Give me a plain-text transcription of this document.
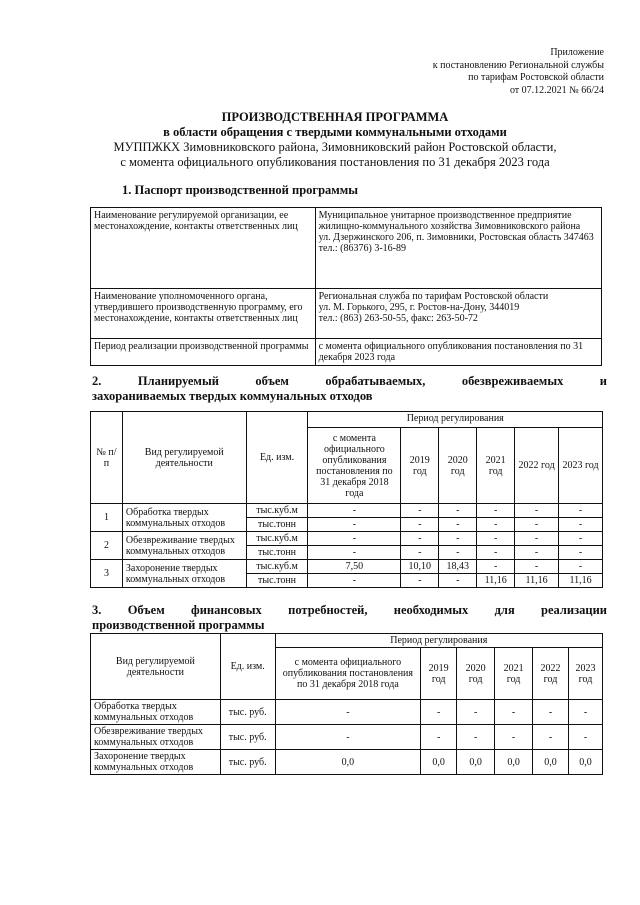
Приложение
к постановлению Региональной службы
по тарифам Ростовской области
от 07.12.2021 № 66/24
ПРОИЗВОДСТВЕННАЯ ПРОГРАММА
в области обращения с твердыми коммунальными отходами
МУППЖКХ Зимовниковского района, Зимовниковский район Ростовской области,
с момента официального опубликования постановления по 31 декабря 2023 года
1. Паспорт производственной программы
Наименование регулируемой организации, ее местонахождение, контакты ответственных лиц	Муниципальное унитарное производственное предприятие жилищно-коммунального хозяйства Зимовниковского района
ул. Дзержинского 206, п. Зимовники, Ростовская область 347463
тел.: (86376) 3-16-89

Наименование уполномоченного органа, утвердившего производственную программу, его местонахождение, контакты ответственных лиц	Региональная служба по тарифам Ростовской области
ул. М. Горького, 295, г. Ростов-на-Дону, 344019
тел.: (863) 263-50-55, факс: 263-50-72

Период реализации производственной программы	с момента официального опубликования постановления по 31 декабря 2023 года
2. Планируемый объем обрабатываемых, обезвреживаемых и
захораниваемых твердых коммунальных отходов
№ п/п	Вид регулируемой деятельности	Ед. изм.	Период регулирования					
			с момента официального опубликования постановления по 31 декабря 2018 года	2019 год	2020 год	2021 год	2022 год	2023 год
1	Обработка твердых коммунальных отходов	тыс.куб.м	-	-	-	-	-	-
		тыс.тонн	-	-	-	-	-	-
2	Обезвреживание твердых коммунальных отходов	тыс.куб.м	-	-	-	-	-	-
		тыс.тонн	-	-	-	-	-	-
3	Захоронение твердых коммунальных отходов	тыс.куб.м	7,50	10,10	18,43	-	-	-
		тыс.тонн	-	-	-	11,16	11,16	11,16
3. Объем финансовых потребностей, необходимых для реализации
производственной программы
Вид регулируемой деятельности	Ед. изм.	Период регулирования					
		с момента официального опубликования постановления по 31 декабря 2018 года	2019 год	2020 год	2021 год	2022 год	2023 год
Обработка твердых коммунальных отходов	тыс. руб.	-	-	-	-	-	-
Обезвреживание твердых коммунальных отходов	тыс. руб.	-	-	-	-	-	-
Захоронение твердых коммунальных отходов	тыс. руб.	0,0	0,0	0,0	0,0	0,0	0,0
